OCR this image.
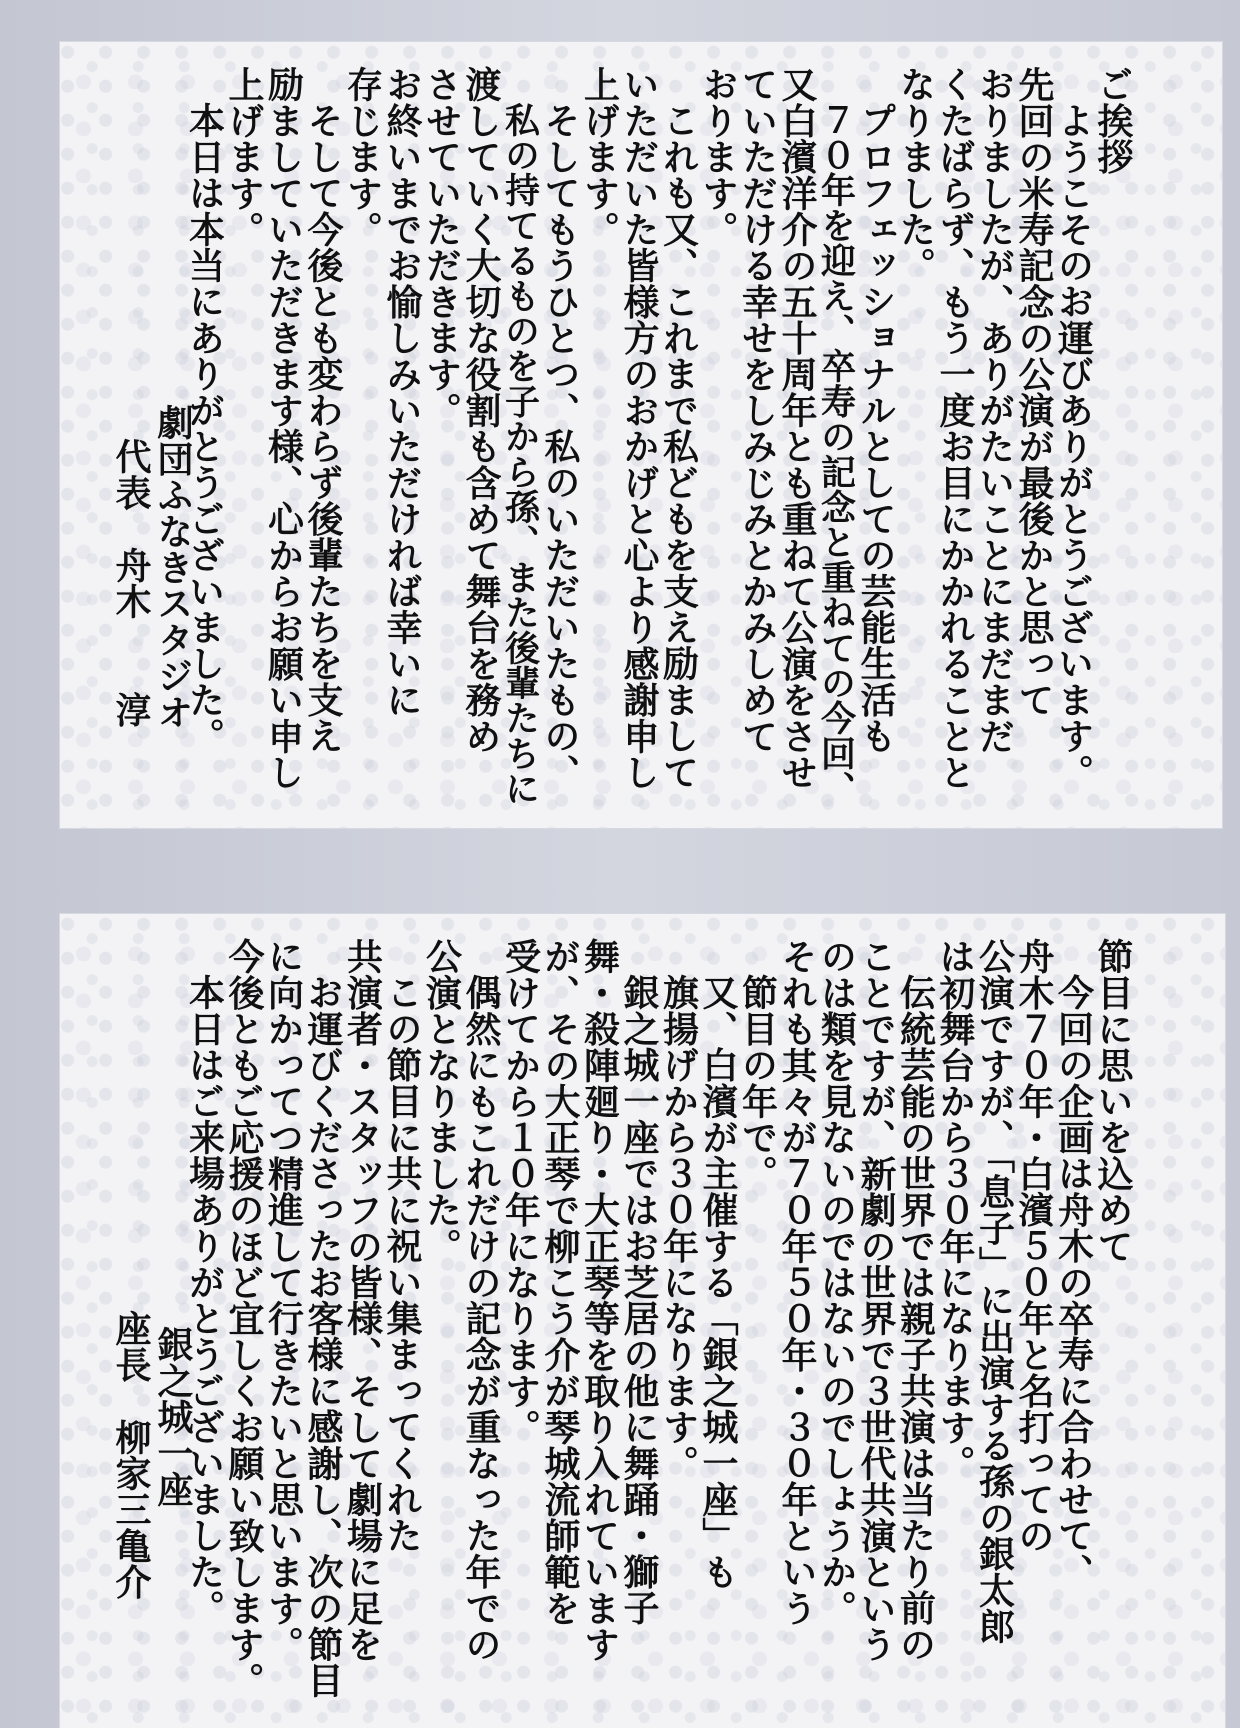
ご挨拶
ようこそのお運びありがとうございます。
先回の米寿記念の公演が最後かと思って
おりましたが、ありがたいことにまだまだ
くたばらず、もう一度お目にかかれることと
なりました。
プロフェッショナルとしての芸能生活も
７０年を迎え、卒寿の記念と重ねての今回、
又白濱洋介の五十周年とも重ねて公演をさせ
ていただける幸せをしみじみとかみしめて
おります。
これも又、これまで私どもを支え励まして
いただいた皆様方のおかげと心より感謝申し
上げます。
そしてもうひとつ、私のいただいたもの、
私の持てるものを子から孫、また後輩たちに
渡していく大切な役割も含めて舞台を務め
させていただきます。
お終いまでお愉しみいただければ幸いに
存じます。
そして今後とも変わらず後輩たちを支え
励ましていただきます様、心からお願い申し
上げます。
本日は本当にありがとうございました。
劇団ふなきスタジオ
代表　舟木　　淳
節目に思いを込めて
今回の企画は舟木の卒寿に合わせて、
舟木７０年・白濱５０年と名打っての
公演ですが、「息子」に出演する孫の銀太郎
は初舞台から３０年になります。
伝統芸能の世界では親子共演は当たり前の
ことですが、新劇の世界で３世代共演という
のは類を見ないのではないのでしょうか。
それも其々が７０年５０年・３０年という
節目の年で。
又、白濱が主催する「銀之城一座」も
旗揚げから３０年になります。
銀之城一座ではお芝居の他に舞踊・獅子
舞・殺陣廻り・大正琴等を取り入れています
が、その大正琴で柳こう介が琴城流師範を
受けてから１０年になります。
偶然にもこれだけの記念が重なった年での
公演となりました。
この節目に共に祝い集まってくれた
共演者・スタッフの皆様、そして劇場に足を
お運びくださったお客様に感謝し、次の節目
に向かってつ精進して行きたいと思います。
今後ともご応援のほど宜しくお願い致します。
本日はご来場ありがとうございました。
銀之城一座
座長　柳家三亀介
